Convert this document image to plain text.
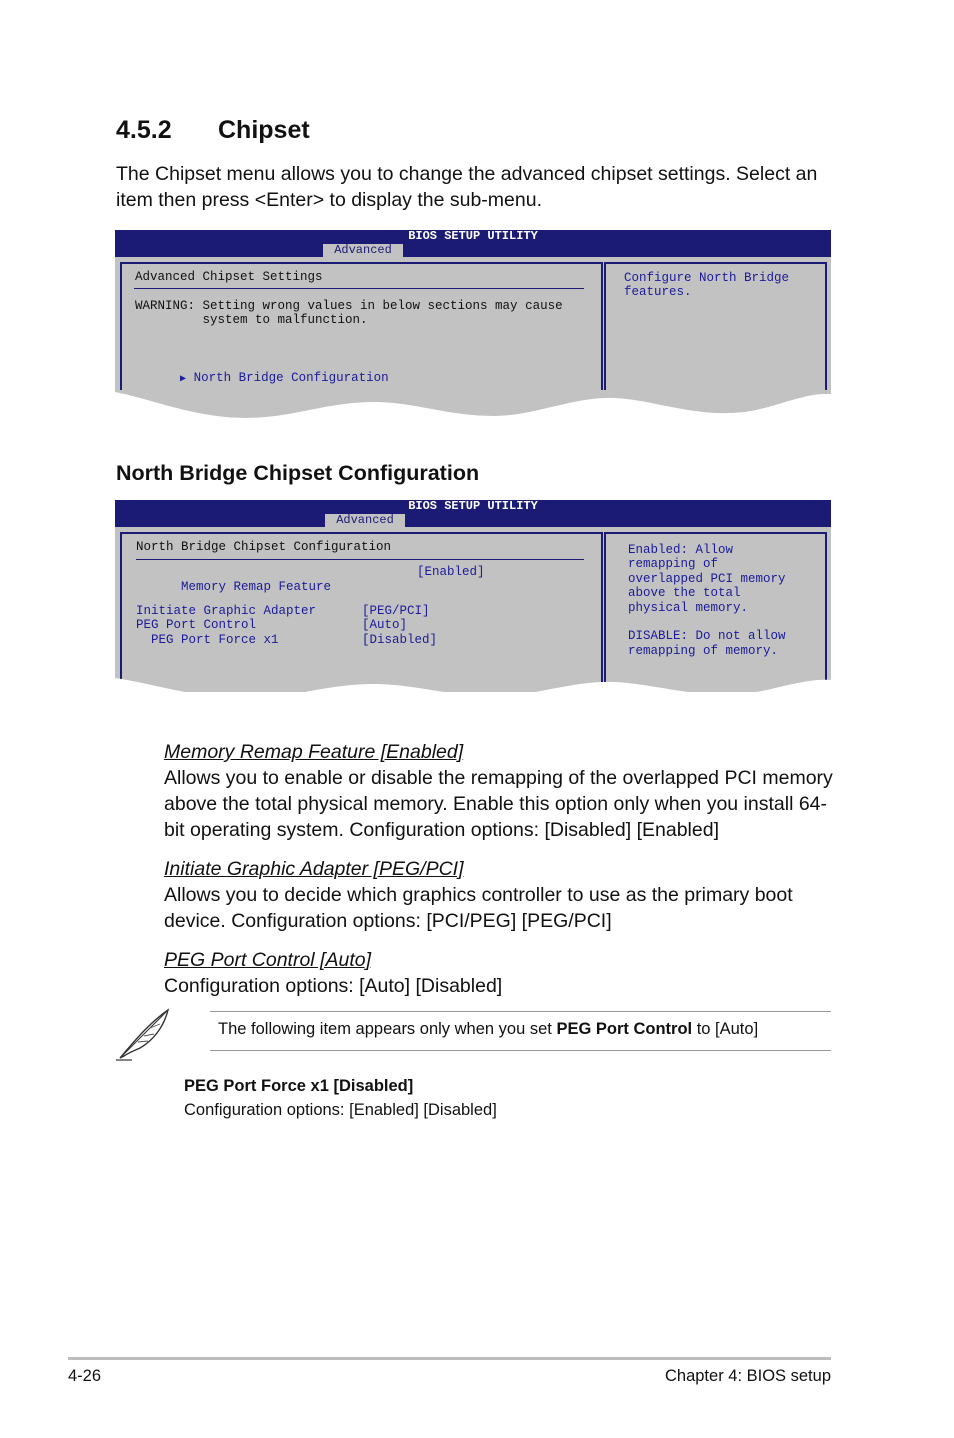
4.5.2 Chipset
The Chipset menu allows you to change the advanced chipset settings. Select an item then press <Enter> to display the sub-menu.
BIOS SETUP UTILITY
Advanced
Advanced Chipset Settings
WARNING: Setting wrong values in below sections may cause
system to malfunction.

▶ North Bridge Configuration

Configure North Bridge
features.
North Bridge Chipset Configuration
BIOS SETUP UTILITY
Advanced
North Bridge Chipset Configuration

Memory Remap Feature

[Enabled]
Initiate Graphic Adapter	[PEG/PCI]
PEG Port Control	[Auto]
PEG Port Force x1	[Disabled]
Enabled: Allow
remapping of
overlapped PCI memory
above the total
physical memory.
DISABLE: Do not allow
remapping of memory.
Memory Remap Feature [Enabled]
Allows you to enable or disable the remapping of the overlapped PCI memory above the total physical memory. Enable this option only when you install 64-bit operating system. Configuration options: [Disabled] [Enabled]
Initiate Graphic Adapter [PEG/PCI]
Allows you to decide which graphics controller to use as the primary boot device. Configuration options: [PCI/PEG] [PEG/PCI]
PEG Port Control [Auto]
Configuration options: [Auto] [Disabled]
The following item appears only when you set PEG Port Control to [Auto]
PEG Port Force x1 [Disabled]
Configuration options: [Enabled] [Disabled]
4-26	Chapter 4: BIOS setup
